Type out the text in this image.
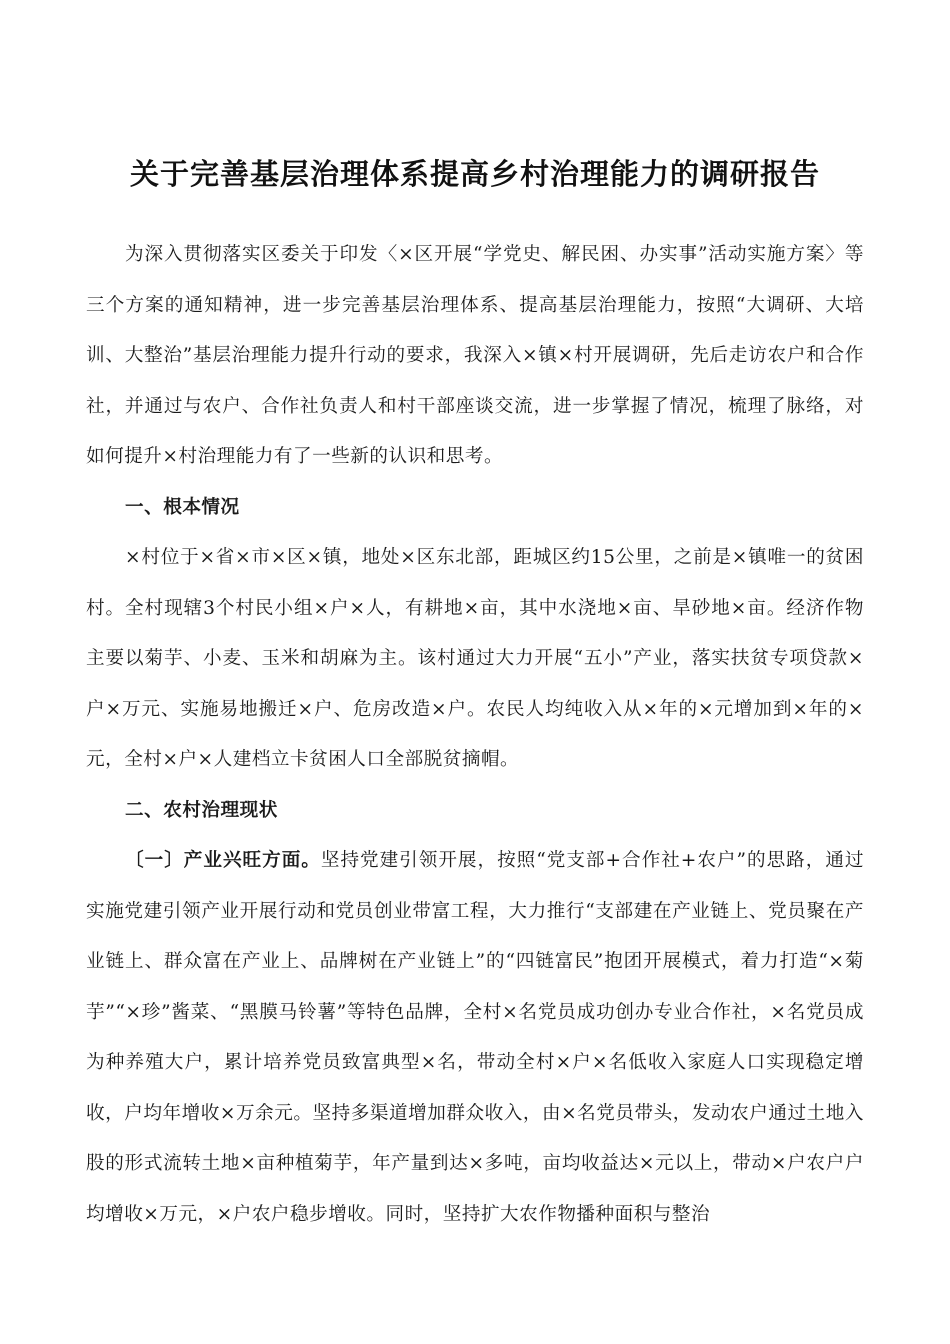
关于完善基层治理体系提高乡村治理能力的调研报告

为深入贯彻落实区委关于印发〈×区开展“学党史、解民困、办实事”活动实施方案〉等三个方案的通知精神，进一步完善基层治理体系、提高基层治理能力，按照“大调研、大培训、大整治”基层治理能力提升行动的要求，我深入×镇×村开展调研，先后走访农户和合作社，并通过与农户、合作社负责人和村干部座谈交流，进一步掌握了情况，梳理了脉络，对如何提升×村治理能力有了一些新的认识和思考。

一、根本情况

×村位于×省×市×区×镇，地处×区东北部，距城区约15公里，之前是×镇唯一的贫困村。全村现辖3个村民小组×户×人，有耕地×亩，其中水浇地×亩、旱砂地×亩。经济作物主要以菊芋、小麦、玉米和胡麻为主。该村通过大力开展“五小”产业，落实扶贫专项贷款×户×万元、实施易地搬迁×户、危房改造×户。农民人均纯收入从×年的×元增加到×年的×元，全村×户×人建档立卡贫困人口全部脱贫摘帽。

二、农村治理现状

〔一〕产业兴旺方面。坚持党建引领开展，按照“党支部+合作社+农户”的思路，通过实施党建引领产业开展行动和党员创业带富工程，大力推行“支部建在产业链上、党员聚在产业链上、群众富在产业上、品牌树在产业链上”的“四链富民”抱团开展模式，着力打造“×菊芋”“×珍”酱菜、“黑膜马铃薯”等特色品牌，全村×名党员成功创办专业合作社，×名党员成为种养殖大户，累计培养党员致富典型×名，带动全村×户×名低收入家庭人口实现稳定增收，户均年增收×万余元。坚持多渠道增加群众收入，由×名党员带头，发动农户通过土地入股的形式流转土地×亩种植菊芋，年产量到达×多吨，亩均收益达×元以上，带动×户农户户均增收×万元，×户农户稳步增收。同时，坚持扩大农作物播种面积与整治
